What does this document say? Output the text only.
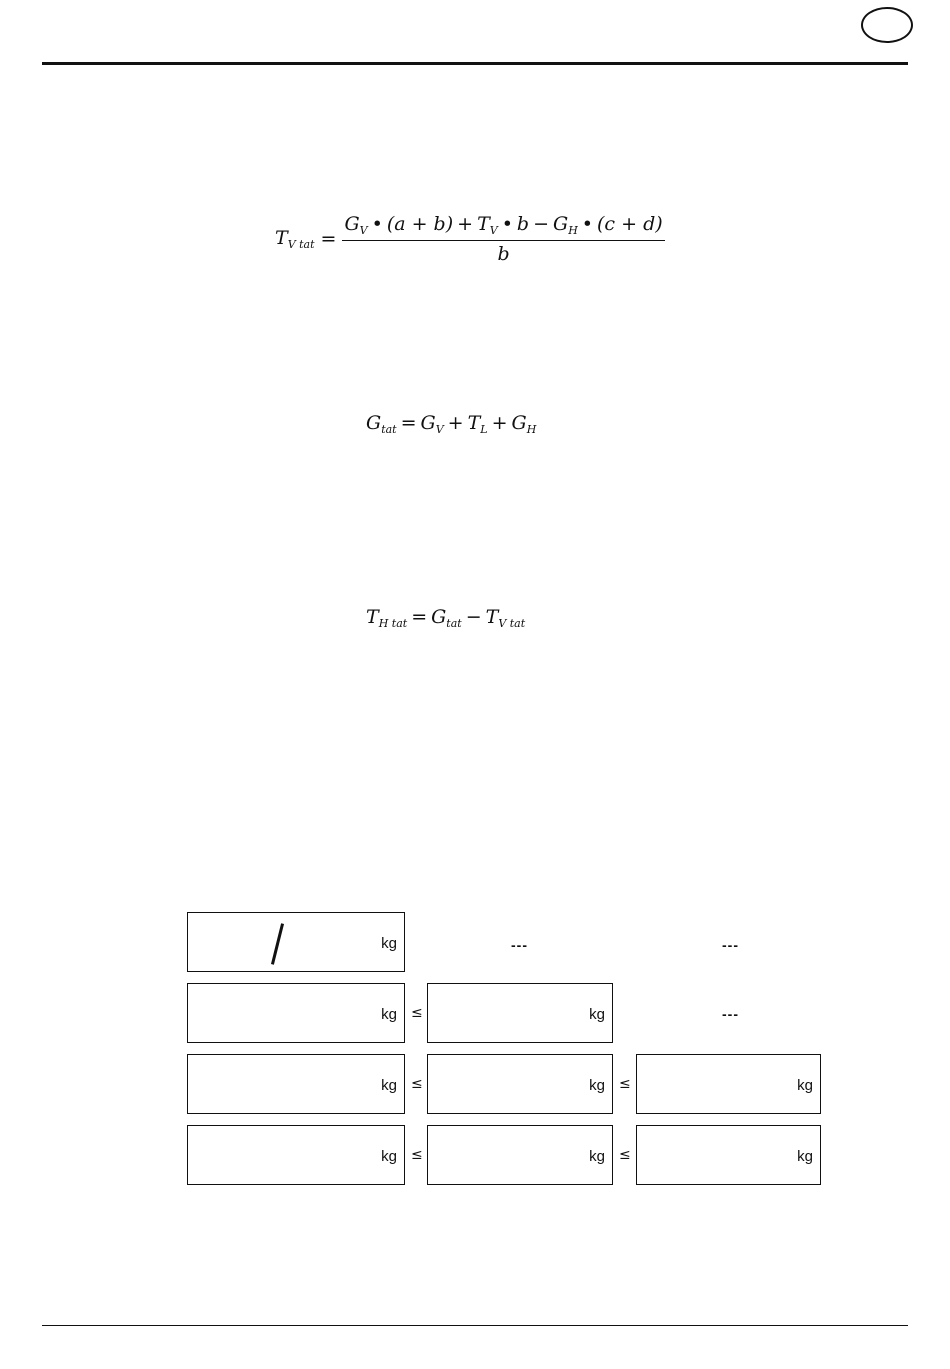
$T_{V tat} = \frac{G_V • (a + b) + T_V • b - G_H • (c + d)}{b}$
$G_{tat} = G_V + T_L + G_H$
$T_{H tat} = G_{tat} - T_{V tat}$
kg	---	---
kg ≤	kg	---
kg ≤	kg ≤	kg
kg ≤	kg ≤	kg
